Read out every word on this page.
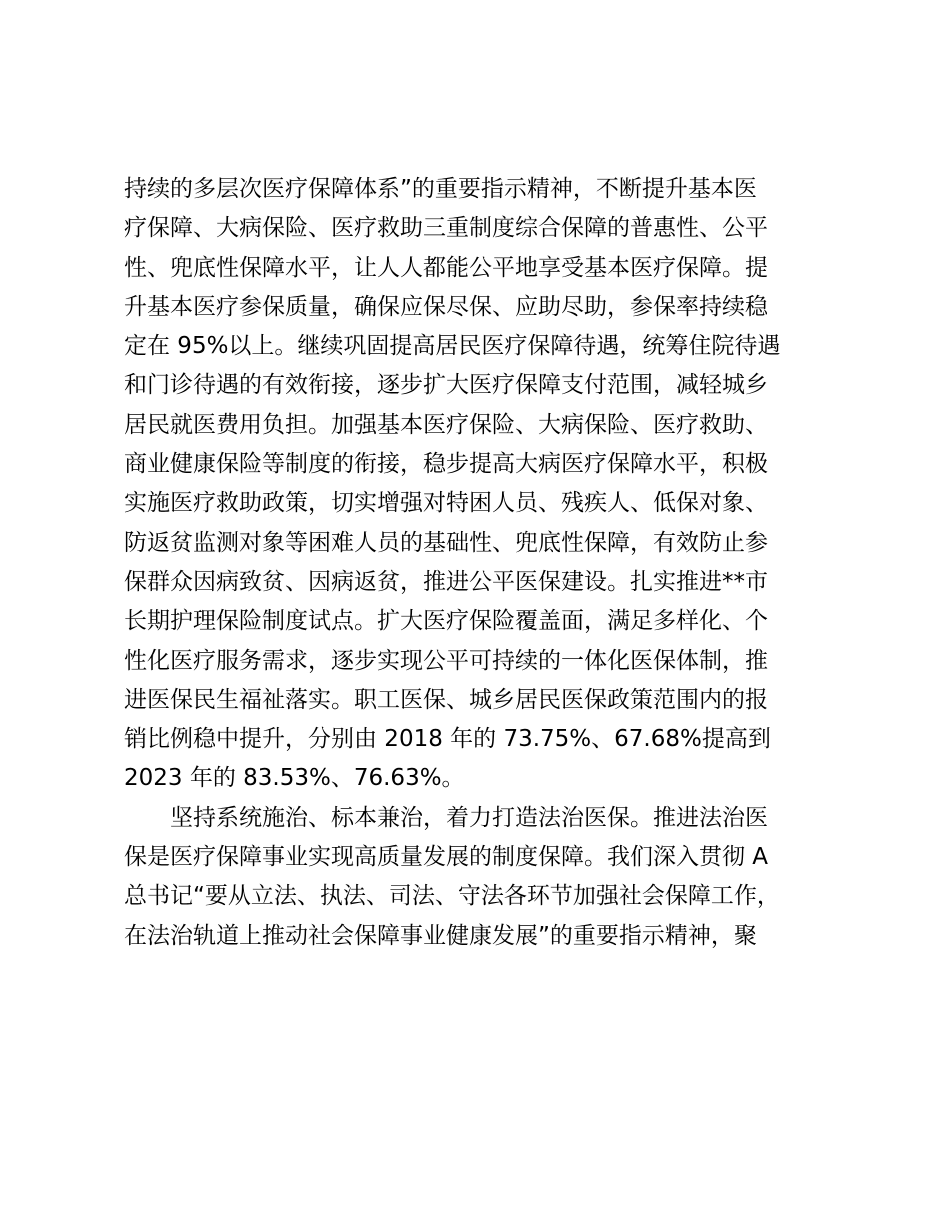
持续的多层次医疗保障体系”的重要指示精神，不断提升基本医
疗保障、大病保险、医疗救助三重制度综合保障的普惠性、公平
性、兜底性保障水平，让人人都能公平地享受基本医疗保障。提
升基本医疗参保质量，确保应保尽保、应助尽助，参保率持续稳
定在 95%以上。继续巩固提高居民医疗保障待遇，统筹住院待遇
和门诊待遇的有效衔接，逐步扩大医疗保障支付范围，减轻城乡
居民就医费用负担。加强基本医疗保险、大病保险、医疗救助、
商业健康保险等制度的衔接，稳步提高大病医疗保障水平，积极
实施医疗救助政策，切实增强对特困人员、残疾人、低保对象、
防返贫监测对象等困难人员的基础性、兜底性保障，有效防止参
保群众因病致贫、因病返贫，推进公平医保建设。扎实推进**市
长期护理保险制度试点。扩大医疗保险覆盖面，满足多样化、个
性化医疗服务需求，逐步实现公平可持续的一体化医保体制，推
进医保民生福祉落实。职工医保、城乡居民医保政策范围内的报
销比例稳中提升，分别由 2018 年的 73.75%、67.68%提高到
2023 年的 83.53%、76.63%。
坚持系统施治、标本兼治，着力打造法治医保。推进法治医
保是医疗保障事业实现高质量发展的制度保障。我们深入贯彻 A
总书记“要从立法、执法、司法、守法各环节加强社会保障工作，
在法治轨道上推动社会保障事业健康发展”的重要指示精神，聚
